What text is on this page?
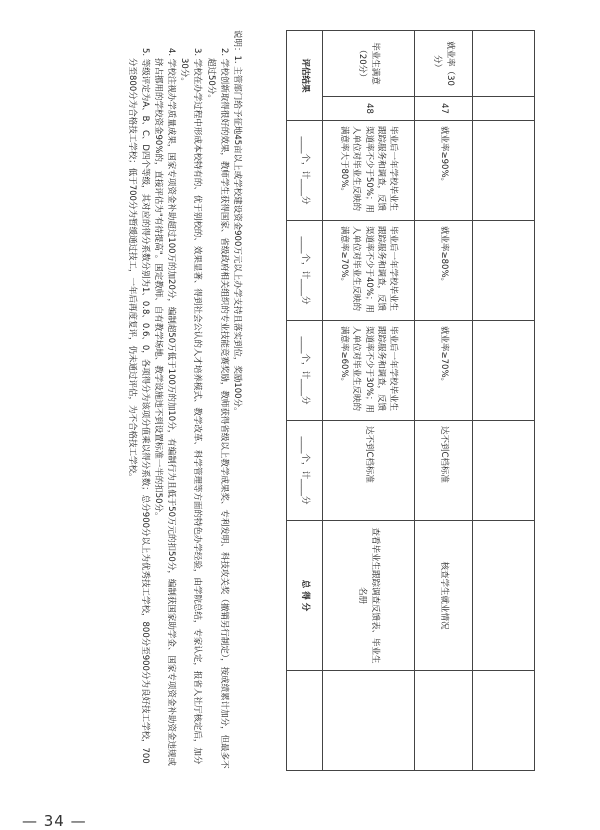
就业率（30分）	47	就业率≥90%。	就业率≥80%。	就业率≥70%。	达不到C档标准	核查学生就业情况	
毕业生满意（20分）	48	毕业后一年学校毕业生跟踪服务和调查，反馈渠道率不少于50%；用人单位对毕业生反映的满意率大于80%。	毕业后一年学校毕业生跟踪服务和调查，反馈渠道率不少于40%；用人单位对毕业生反映的满意率≥70%。	毕业后一年学校毕业生跟踪服务和调查，反馈渠道率不少于30%；用人单位对毕业生反映的满意率≥60%。	达不到C档标准	查看毕业生跟踪调查反馈表、毕业生名册	
评估结果		____个，计____分	____个，计____分	____个，计____分	____个，计____分	总 得 分	
说明：1. 主管部门给予征地45亩以上或学校建设资金900万元以上办学支持且落实到位，奖励100分。
2. 学校创新取得很好的效果，教师学生获得国家、省级政府相关组织的专业技能竞赛奖励，教师获得省级以上教学成果奖、专利发明、科技攻关奖（撤销另行制定），按成绩累计加分，但最多不超过50分。
3. 学校在办学过程中形成本校特有的、优于别校的、效果显著、得到社会公认的人才培养模式、教学改革、科学管理等方面的特色办学经验，由学院总结，专家认定，报省人社厅核定后，加分30分。
4. 学校注视办学质量成果，国家专项资金补助超过100万的加20分，编制超50万低于100万的加10分，有编制行为且低于50万元的扣50分，编制获国家助学金、国家专项资金补助资金违规或挤占挪用的学校资金90%的，直接评估为"有待提高"。国定教师、自有教学场地、教学设施违不到设置标准一半的扣50分。
5. 等级评定为A、B、C、D四个等级，其对应的得分系数分别为1、0.8、0.6、0，各项得分为该项分值乘以得分系数；总分900分以上为优秀技工学校，800分至900分为良好技工学校，700分至800分为合格技工学校；低于700分为暂缓通过技工，一年后再度复评，仍未通过评估，为不合格技工学校。
— 34 —
